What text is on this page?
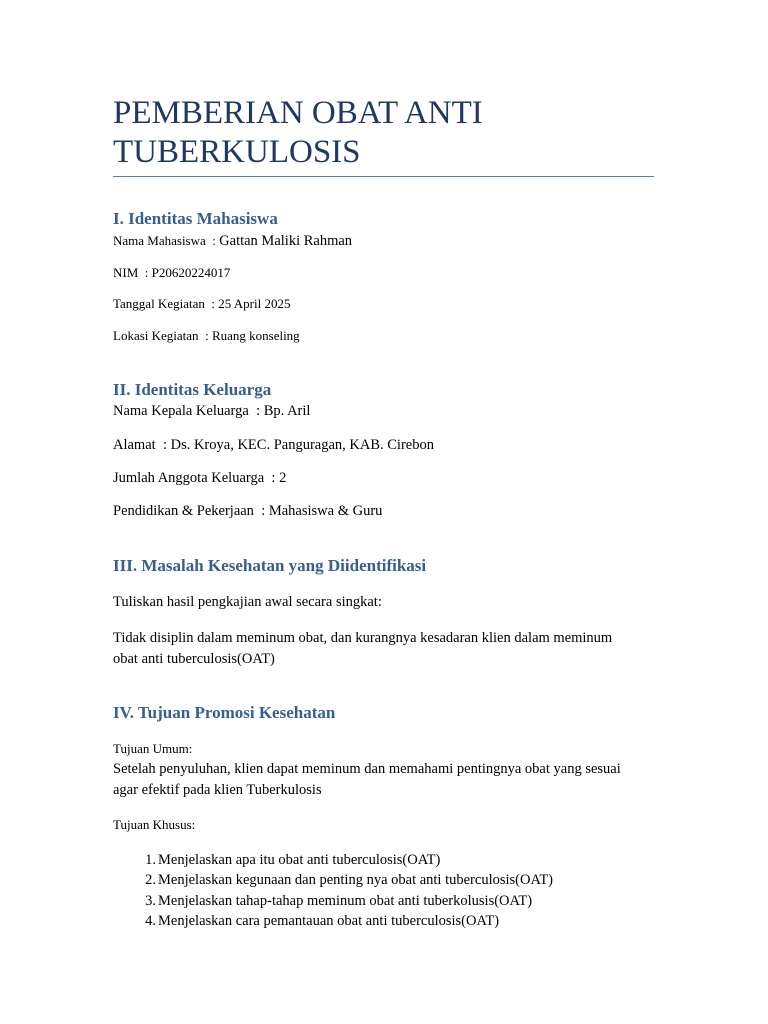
PEMBERIAN OBAT ANTI
TUBERKULOSIS
I. Identitas Mahasiswa
Nama Mahasiswa  : Gattan Maliki Rahman
NIM  : P20620224017
Tanggal Kegiatan  : 25 April 2025
Lokasi Kegiatan  : Ruang konseling
II. Identitas Keluarga
Nama Kepala Keluarga  : Bp. Aril
Alamat  : Ds. Kroya, KEC. Panguragan, KAB. Cirebon
Jumlah Anggota Keluarga  : 2
Pendidikan & Pekerjaan  : Mahasiswa & Guru
III. Masalah Kesehatan yang Diidentifikasi
Tuliskan hasil pengkajian awal secara singkat:
Tidak disiplin dalam meminum obat, dan kurangnya kesadaran klien dalam meminum
obat anti tuberculosis(OAT)
IV. Tujuan Promosi Kesehatan
Tujuan Umum:
Setelah penyuluhan, klien dapat meminum dan memahami pentingnya obat yang sesuai
agar efektif pada klien Tuberkulosis
Tujuan Khusus:
1. Menjelaskan apa itu obat anti tuberculosis(OAT)
2. Menjelaskan kegunaan dan penting nya obat anti tuberculosis(OAT)
3. Menjelaskan tahap-tahap meminum obat anti tuberkolusis(OAT)
4. Menjelaskan cara pemantauan obat anti tuberculosis(OAT)
